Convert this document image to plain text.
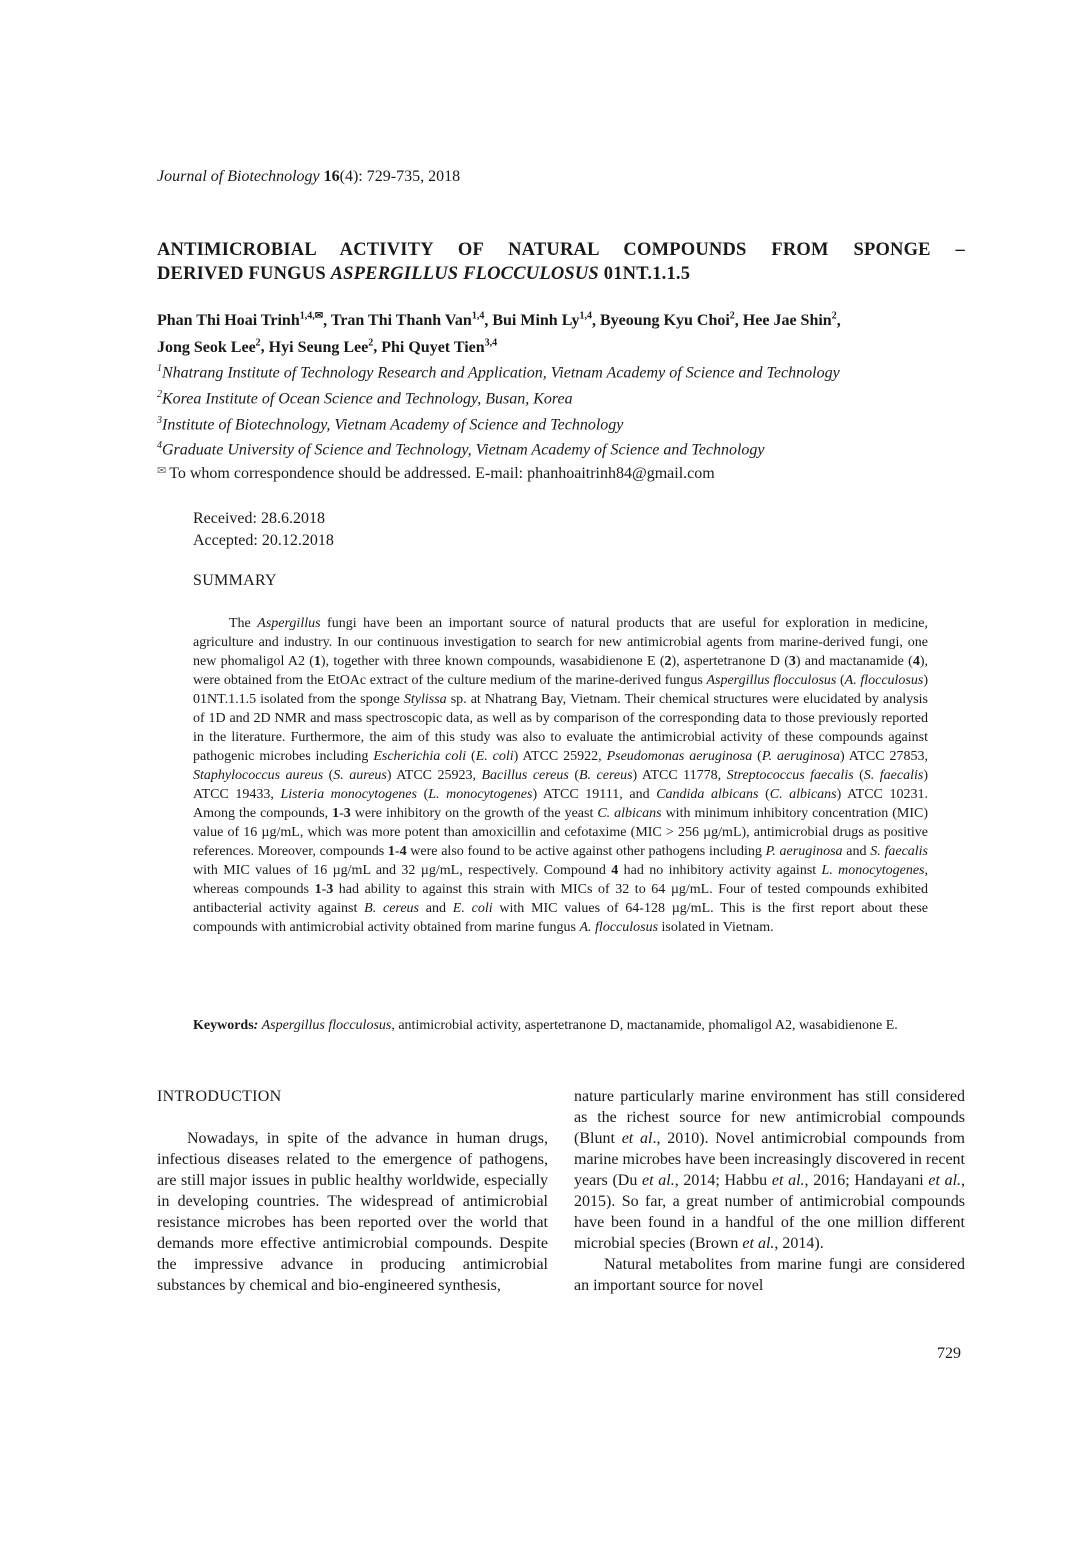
Journal of Biotechnology 16(4): 729-735, 2018
ANTIMICROBIAL ACTIVITY OF NATURAL COMPOUNDS FROM SPONGE –
DERIVED FUNGUS ASPERGILLUS FLOCCULOSUS 01NT.1.1.5
Phan Thi Hoai Trinh$^{1,4,✉}$, Tran Thi Thanh Van$^{1,4}$, Bui Minh Ly$^{1,4}$, Byeoung Kyu Choi$^2$, Hee Jae Shin$^2$,
Jong Seok Lee$^2$, Hyi Seung Lee$^2$, Phi Quyet Tien$^{3,4}$
$^1$Nhatrang Institute of Technology Research and Application, Vietnam Academy of Science and Technology
$^2$Korea Institute of Ocean Science and Technology, Busan, Korea
$^3$Institute of Biotechnology, Vietnam Academy of Science and Technology
$^4$Graduate University of Science and Technology, Vietnam Academy of Science and Technology
✉ To whom correspondence should be addressed. E-mail: phanhoaitrinh84@gmail.com
Received: 28.6.2018
Accepted: 20.12.2018
SUMMARY
The Aspergillus fungi have been an important source of natural products that are useful for exploration in medicine, agriculture and industry. In our continuous investigation to search for new antimicrobial agents from marine-derived fungi, one new phomaligol A2 (1), together with three known compounds, wasabidienone E (2), aspertetranone D (3) and mactanamide (4), were obtained from the EtOAc extract of the culture medium of the marine-derived fungus Aspergillus flocculosus (A. flocculosus) 01NT.1.1.5 isolated from the sponge Stylissa sp. at Nhatrang Bay, Vietnam. Their chemical structures were elucidated by analysis of 1D and 2D NMR and mass spectroscopic data, as well as by comparison of the corresponding data to those previously reported in the literature. Furthermore, the aim of this study was also to evaluate the antimicrobial activity of these compounds against pathogenic microbes including Escherichia coli (E. coli) ATCC 25922, Pseudomonas aeruginosa (P. aeruginosa) ATCC 27853, Staphylococcus aureus (S. aureus) ATCC 25923, Bacillus cereus (B. cereus) ATCC 11778, Streptococcus faecalis (S. faecalis) ATCC 19433, Listeria monocytogenes (L. monocytogenes) ATCC 19111, and Candida albicans (C. albicans) ATCC 10231. Among the compounds, 1-3 were inhibitory on the growth of the yeast C. albicans with minimum inhibitory concentration (MIC) value of 16 µg/mL, which was more potent than amoxicillin and cefotaxime (MIC > 256 µg/mL), antimicrobial drugs as positive references. Moreover, compounds 1-4 were also found to be active against other pathogens including P. aeruginosa and S. faecalis with MIC values of 16 µg/mL and 32 µg/mL, respectively. Compound 4 had no inhibitory activity against L. monocytogenes, whereas compounds 1-3 had ability to against this strain with MICs of 32 to 64 µg/mL. Four of tested compounds exhibited antibacterial activity against B. cereus and E. coli with MIC values of 64-128 µg/mL. This is the first report about these compounds with antimicrobial activity obtained from marine fungus A. flocculosus isolated in Vietnam.
Keywords: Aspergillus flocculosus, antimicrobial activity, aspertetranone D, mactanamide, phomaligol A2, wasabidienone E.

INTRODUCTION

Nowadays, in spite of the advance in human drugs, infectious diseases related to the emergence of pathogens, are still major issues in public healthy worldwide, especially in developing countries. The widespread of antimicrobial resistance microbes has been reported over the world that demands more effective antimicrobial compounds. Despite the impressive advance in producing antimicrobial substances by chemical and bio-engineered synthesis,

nature particularly marine environment has still considered as the richest source for new antimicrobial compounds (Blunt et al., 2010). Novel antimicrobial compounds from marine microbes have been increasingly discovered in recent years (Du et al., 2014; Habbu et al., 2016; Handayani et al., 2015). So far, a great number of antimicrobial compounds have been found in a handful of the one million different microbial species (Brown et al., 2014).

Natural metabolites from marine fungi are considered an important source for novel

729
